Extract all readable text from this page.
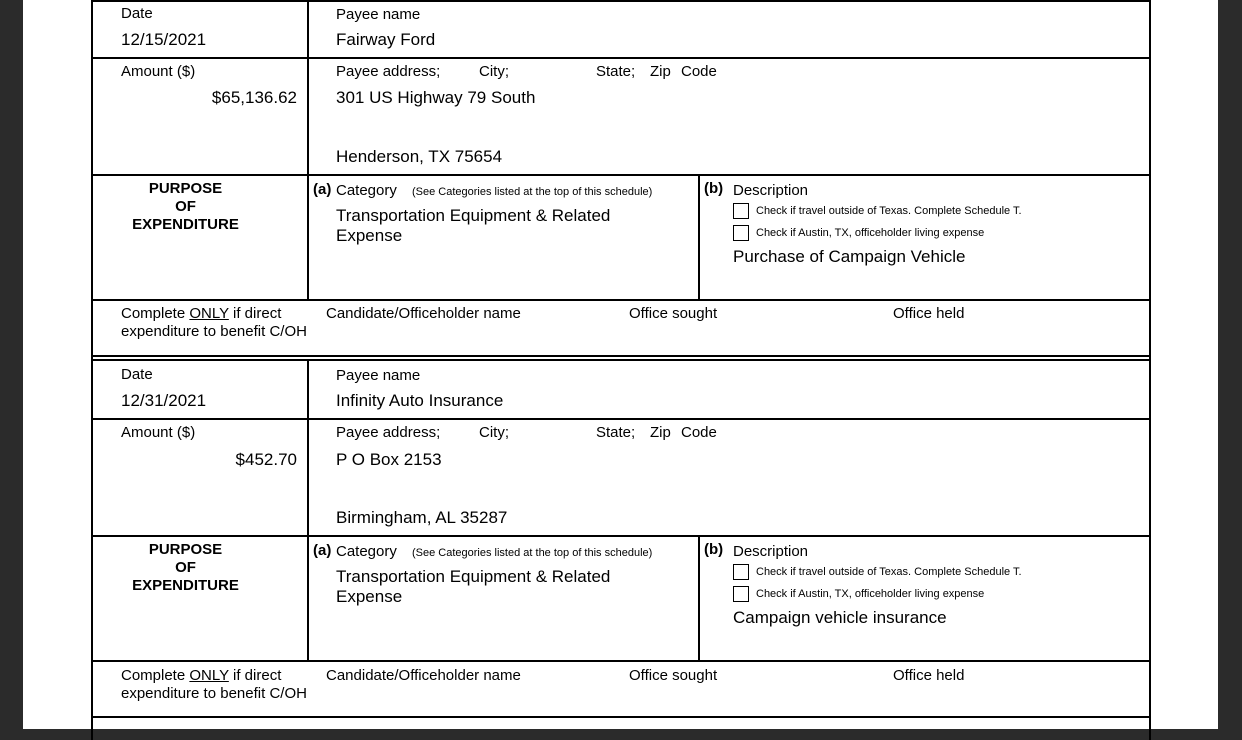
Date
12/15/2021
Payee name
Fairway Ford
Amount ($)
$65,136.62
Payee address;	City;	State; Zip Code
301 US Highway 79 South
Henderson, TX 75654
PURPOSE
OF
EXPENDITURE
(a) Category (See Categories listed at the top of this schedule)
Transportation Equipment & Related
Expense
(b) Description
Check if travel outside of Texas. Complete Schedule T.
Check if Austin, TX, officeholder living expense
Purchase of Campaign Vehicle
Complete ONLY if direct
expenditure to benefit C/OH
Candidate/Officeholder name	Office sought	Office held
Date
12/31/2021
Payee name
Infinity Auto Insurance
Amount ($)
$452.70
Payee address;	City;	State; Zip Code
P O Box 2153
Birmingham, AL 35287
PURPOSE
OF
EXPENDITURE
(a) Category (See Categories listed at the top of this schedule)
Transportation Equipment & Related
Expense
(b) Description
Check if travel outside of Texas. Complete Schedule T.
Check if Austin, TX, officeholder living expense
Campaign vehicle insurance
Complete ONLY if direct
expenditure to benefit C/OH
Candidate/Officeholder name	Office sought	Office held
